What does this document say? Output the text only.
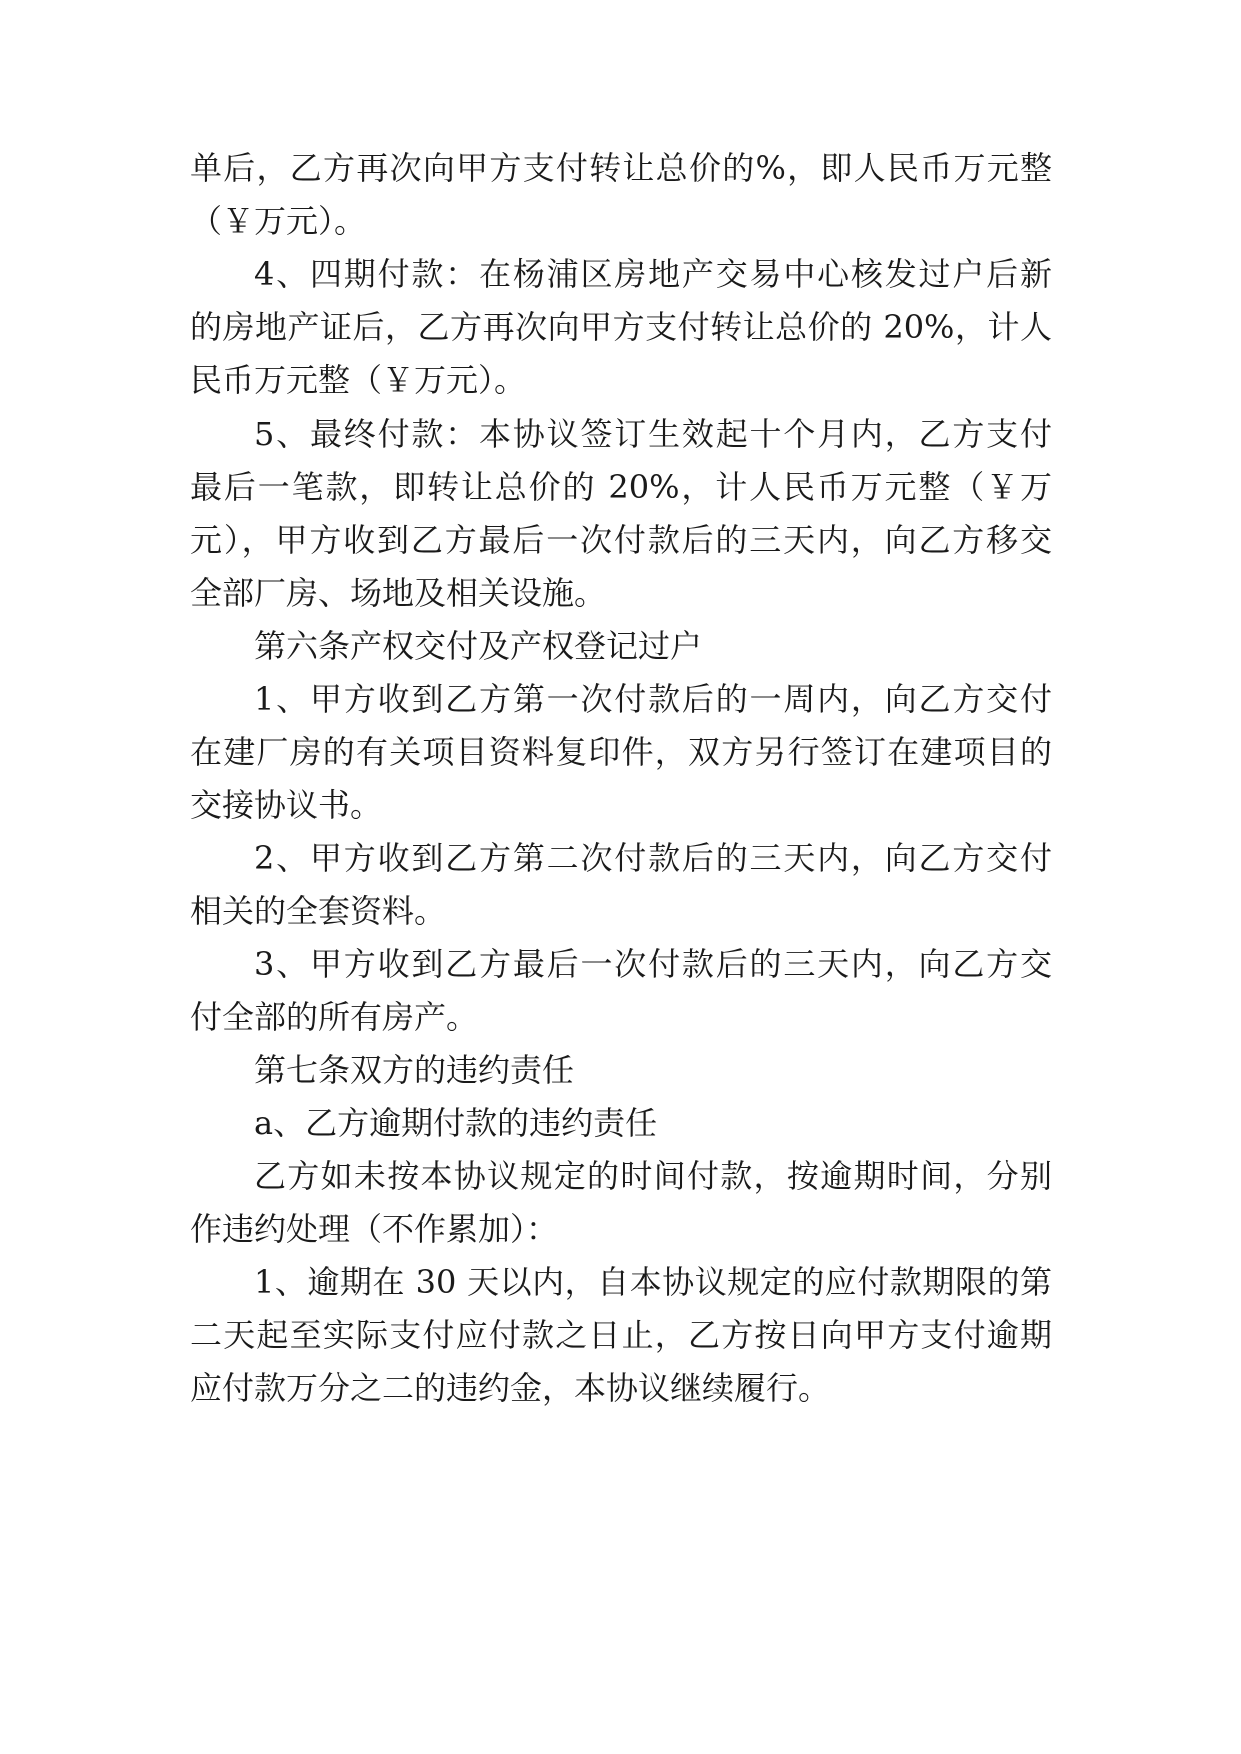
单后，乙方再次向甲方支付转让总价的%，即人民币万元整
（￥万元）。
4、四期付款：在杨浦区房地产交易中心核发过户后新
的房地产证后，乙方再次向甲方支付转让总价的 20%，计人
民币万元整（￥万元）。
5、最终付款：本协议签订生效起十个月内，乙方支付
最后一笔款，即转让总价的 20%，计人民币万元整（￥万
元），甲方收到乙方最后一次付款后的三天内，向乙方移交
全部厂房、场地及相关设施。
第六条产权交付及产权登记过户
1、甲方收到乙方第一次付款后的一周内，向乙方交付
在建厂房的有关项目资料复印件，双方另行签订在建项目的
交接协议书。
2、甲方收到乙方第二次付款后的三天内，向乙方交付
相关的全套资料。
3、甲方收到乙方最后一次付款后的三天内，向乙方交
付全部的所有房产。
第七条双方的违约责任
a、乙方逾期付款的违约责任
乙方如未按本协议规定的时间付款，按逾期时间，分别
作违约处理（不作累加）：
1、逾期在 30 天以内，自本协议规定的应付款期限的第
二天起至实际支付应付款之日止，乙方按日向甲方支付逾期
应付款万分之二的违约金，本协议继续履行。
